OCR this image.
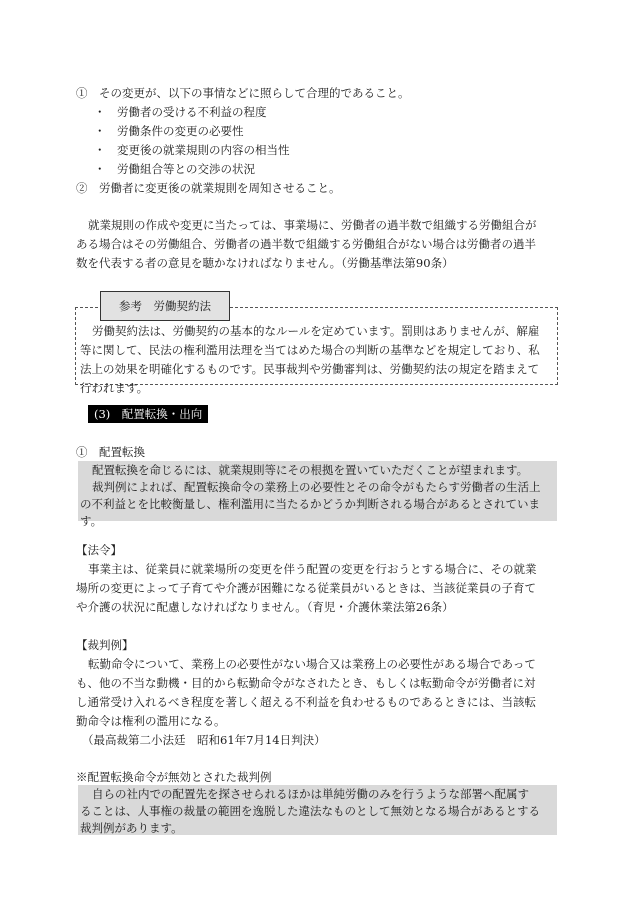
①　その変更が、以下の事情などに照らして合理的であること。
・　労働者の受ける不利益の程度
・　労働条件の変更の必要性
・　変更後の就業規則の内容の相当性
・　労働組合等との交渉の状況
②　労働者に変更後の就業規則を周知させること。
就業規則の作成や変更に当たっては、事業場に、労働者の過半数で組織する労働組合が
ある場合はその労働組合、労働者の過半数で組織する労働組合がない場合は労働者の過半
数を代表する者の意見を聴かなければなりません。（労働基準法第90条）
参考　労働契約法
労働契約法は、労働契約の基本的なルールを定めています。罰則はありませんが、解雇
等に関して、民法の権利濫用法理を当てはめた場合の判断の基準などを規定しており、私
法上の効果を明確化するものです。民事裁判や労働審判は、労働契約法の規定を踏まえて
行われます。
(3)　配置転換・出向
①　配置転換
配置転換を命じるには、就業規則等にその根拠を置いていただくことが望まれます。
裁判例によれば、配置転換命令の業務上の必要性とその命令がもたらす労働者の生活上
の不利益とを比較衡量し、権利濫用に当たるかどうか判断される場合があるとされていま
す。
【法令】
事業主は、従業員に就業場所の変更を伴う配置の変更を行おうとする場合に、その就業
場所の変更によって子育てや介護が困難になる従業員がいるときは、当該従業員の子育て
や介護の状況に配慮しなければなりません。（育児・介護休業法第26条）
【裁判例】
転勤命令について、業務上の必要性がない場合又は業務上の必要性がある場合であって
も、他の不当な動機・目的から転勤命令がなされたとき、もしくは転勤命令が労働者に対
し通常受け入れるべき程度を著しく超える不利益を負わせるものであるときには、当該転
勤命令は権利の濫用になる。
（最高裁第二小法廷　昭和61年7月14日判決）
※配置転換命令が無効とされた裁判例
自らの社内での配置先を探させられるほかは単純労働のみを行うような部署へ配属す
ることは、人事権の裁量の範囲を逸脱した違法なものとして無効となる場合があるとする
裁判例があります。
